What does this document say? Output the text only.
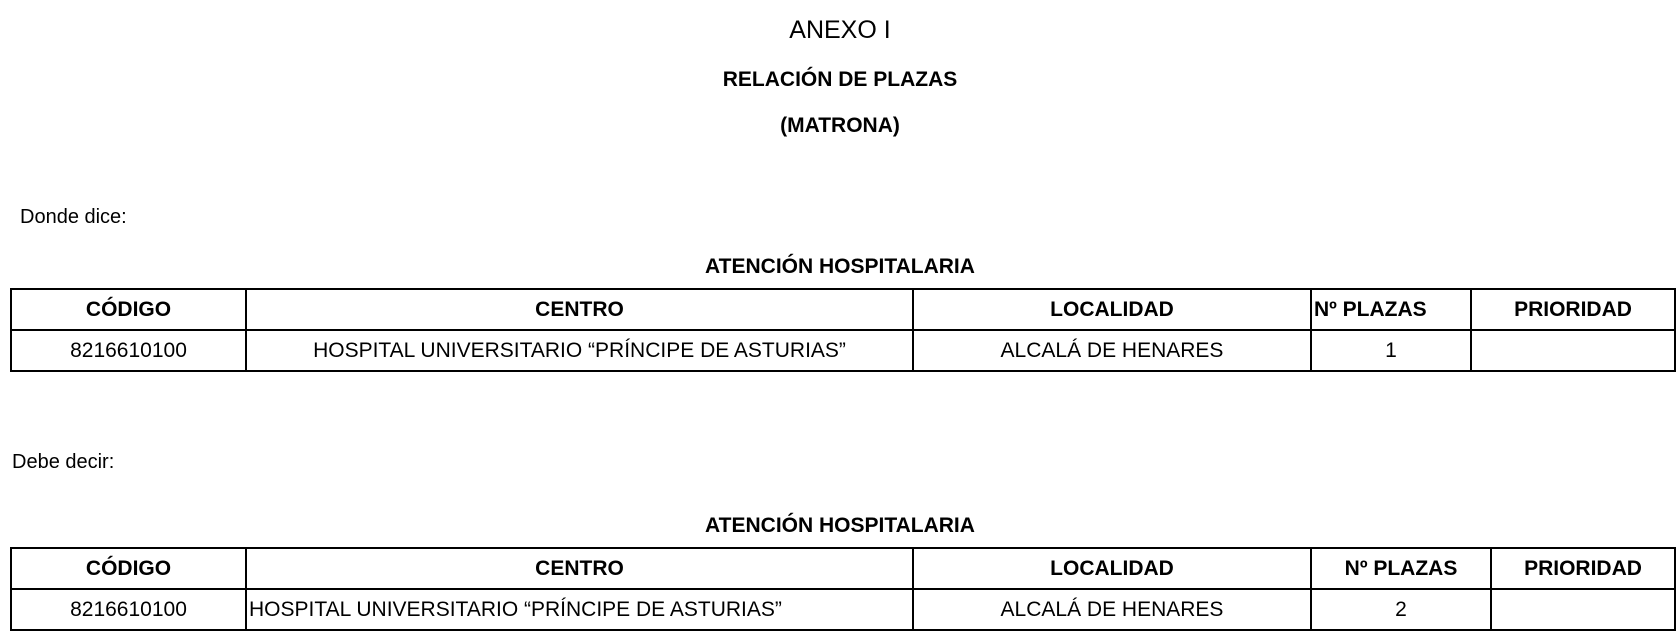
ANEXO I
RELACIÓN DE PLAZAS
(MATRONA)
Donde dice:
ATENCIÓN HOSPITALARIA
CÓDIGO	CENTRO	LOCALIDAD	Nº PLAZAS	PRIORIDAD
8216610100	HOSPITAL UNIVERSITARIO “PRÍNCIPE DE ASTURIAS”	ALCALÁ DE HENARES	1	
Debe decir:
ATENCIÓN HOSPITALARIA
CÓDIGO	CENTRO	LOCALIDAD	Nº PLAZAS	PRIORIDAD
8216610100	HOSPITAL UNIVERSITARIO “PRÍNCIPE DE ASTURIAS”	ALCALÁ DE HENARES	2	
